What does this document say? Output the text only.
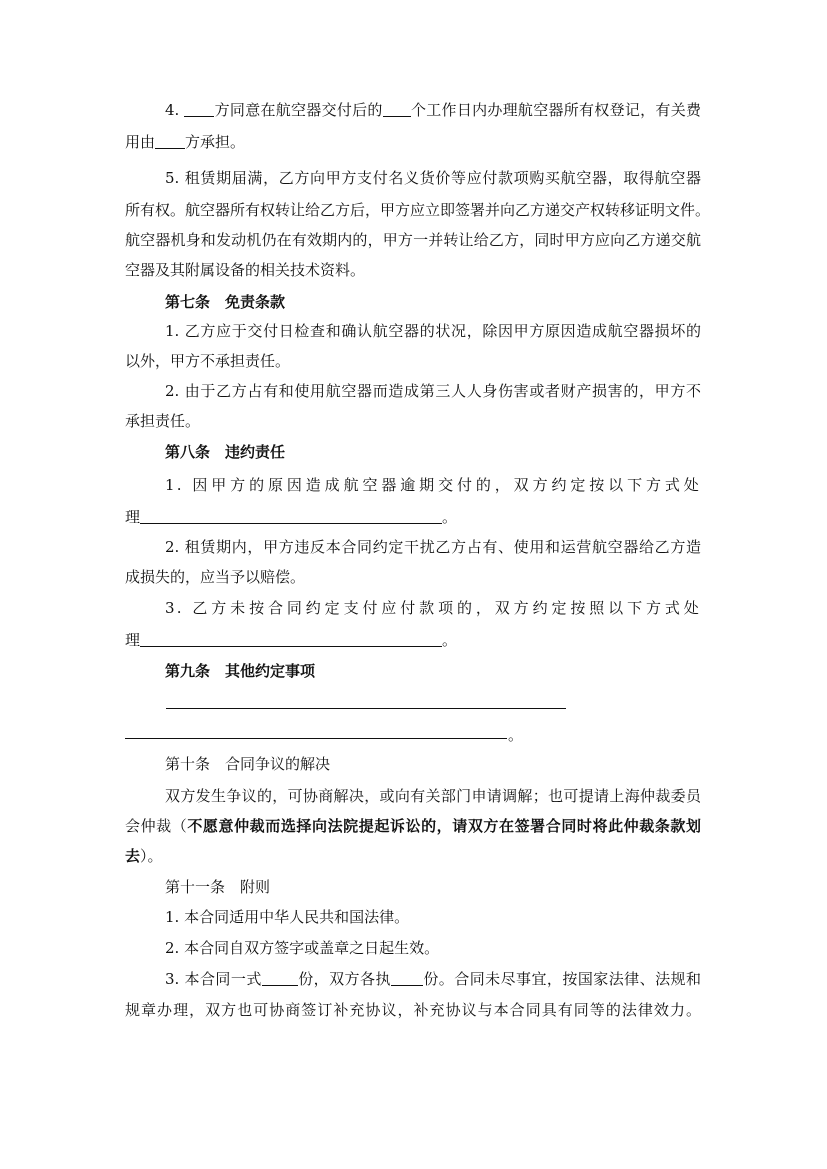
4. 方同意在航空器交付后的 个工作日内办理航空器所有权登记，有关费
用由 方承担。
5. 租赁期届满，乙方向甲方支付名义货价等应付款项购买航空器，取得航空器
所有权。航空器所有权转让给乙方后，甲方应立即签署并向乙方递交产权转移证明文件。
航空器机身和发动机仍在有效期内的，甲方一并转让给乙方，同时甲方应向乙方递交航
空器及其附属设备的相关技术资料。
第七条　免责条款
1. 乙方应于交付日检查和确认航空器的状况，除因甲方原因造成航空器损坏的
以外，甲方不承担责任。
2. 由于乙方占有和使用航空器而造成第三人人身伤害或者财产损害的，甲方不
承担责任。
第八条　违约责任
1. 因甲方的原因造成航空器逾期交付的，双方约定按以下方式处
理	。
2. 租赁期内，甲方违反本合同约定干扰乙方占有、使用和运营航空器给乙方造
成损失的，应当予以赔偿。
3. 乙方未按合同约定支付应付款项的，双方约定按照以下方式处
理	。
第九条　其他约定事项
。
第十条　合同争议的解决
双方发生争议的，可协商解决，或向有关部门申请调解；也可提请上海仲裁委员
会仲裁（不愿意仲裁而选择向法院提起诉讼的，请双方在签署合同时将此仲裁条款划
去）。
第十一条　附则
1. 本合同适用中华人民共和国法律。
2. 本合同自双方签字或盖章之日起生效。
3. 本合同一式 份，双方各执 份。合同未尽事宜，按国家法律、法规和
规章办理，双方也可协商签订补充协议，补充协议与本合同具有同等的法律效力。
